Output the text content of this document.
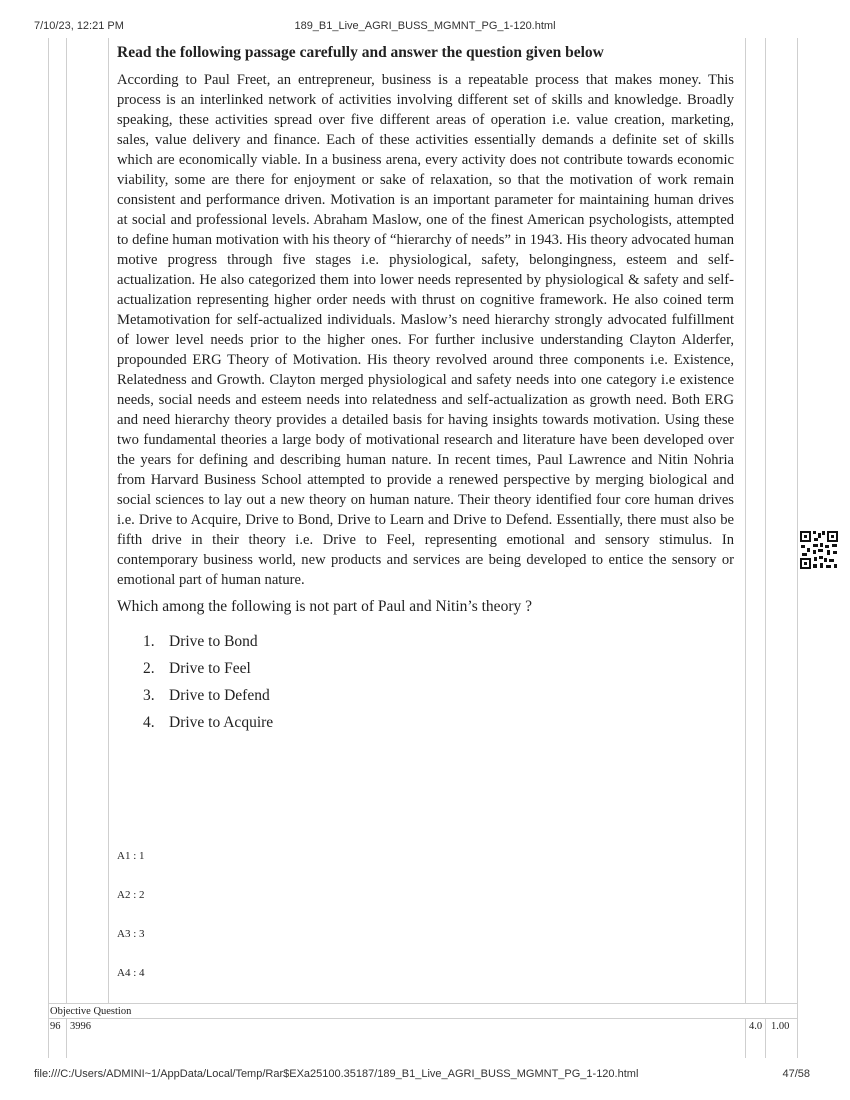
7/10/23, 12:21 PM	189_B1_Live_AGRI_BUSS_MGMNT_PG_1-120.html

Read the following passage carefully and answer the question given below

According to Paul Freet, an entrepreneur, business is a repeatable process that makes money. This process is an interlinked network of activities involving different set of skills and knowledge. Broadly speaking, these activities spread over five different areas of operation i.e. value creation, marketing, sales, value delivery and finance. Each of these activities essentially demands a definite set of skills which are economically viable. In a business arena, every activity does not contribute towards economic viability, some are there for enjoyment or sake of relaxation, so that the motivation of work remain consistent and performance driven. Motivation is an important parameter for maintaining human drives at social and professional levels. Abraham Maslow, one of the finest American psychologists, attempted to define human motivation with his theory of “hierarchy of needs” in 1943. His theory advocated human motive progress through five stages i.e. physiological, safety, belongingness, esteem and self-actualization. He also categorized them into lower needs represented by physiological & safety and self-actualization representing higher order needs with thrust on cognitive framework. He also coined term Metamotivation for self-actualized individuals. Maslow’s need hierarchy strongly advocated fulfillment of lower level needs prior to the higher ones. For further inclusive understanding Clayton Alderfer, propounded ERG Theory of Motivation. His theory revolved around three components i.e. Existence, Relatedness and Growth. Clayton merged physiological and safety needs into one category i.e existence needs, social needs and esteem needs into relatedness and self-actualization as growth need. Both ERG and need hierarchy theory provides a detailed basis for having insights towards motivation. Using these two fundamental theories a large body of motivational research and literature have been developed over the years for defining and describing human nature. In recent times, Paul Lawrence and Nitin Nohria from Harvard Business School attempted to provide a renewed perspective by merging biological and social sciences to lay out a new theory on human nature. Their theory identified four core human drives i.e. Drive to Acquire, Drive to Bond, Drive to Learn and Drive to Defend. Essentially, there must also be fifth drive in their theory i.e. Drive to Feel, representing emotional and sensory stimulus. In contemporary business world, new products and services are being developed to entice the sensory or emotional part of human nature.

Which among the following is not part of Paul and Nitin’s theory ?

1. Drive to Bond
2. Drive to Feel
3. Drive to Defend
4. Drive to Acquire
A1 : 1
A2 : 2
A3 : 3
A4 : 4
Objective Question
96 3996	4.0 1.00
file:///C:/Users/ADMINI~1/AppData/Local/Temp/Rar$EXa25100.35187/189_B1_Live_AGRI_BUSS_MGMNT_PG_1-120.html	47/58
